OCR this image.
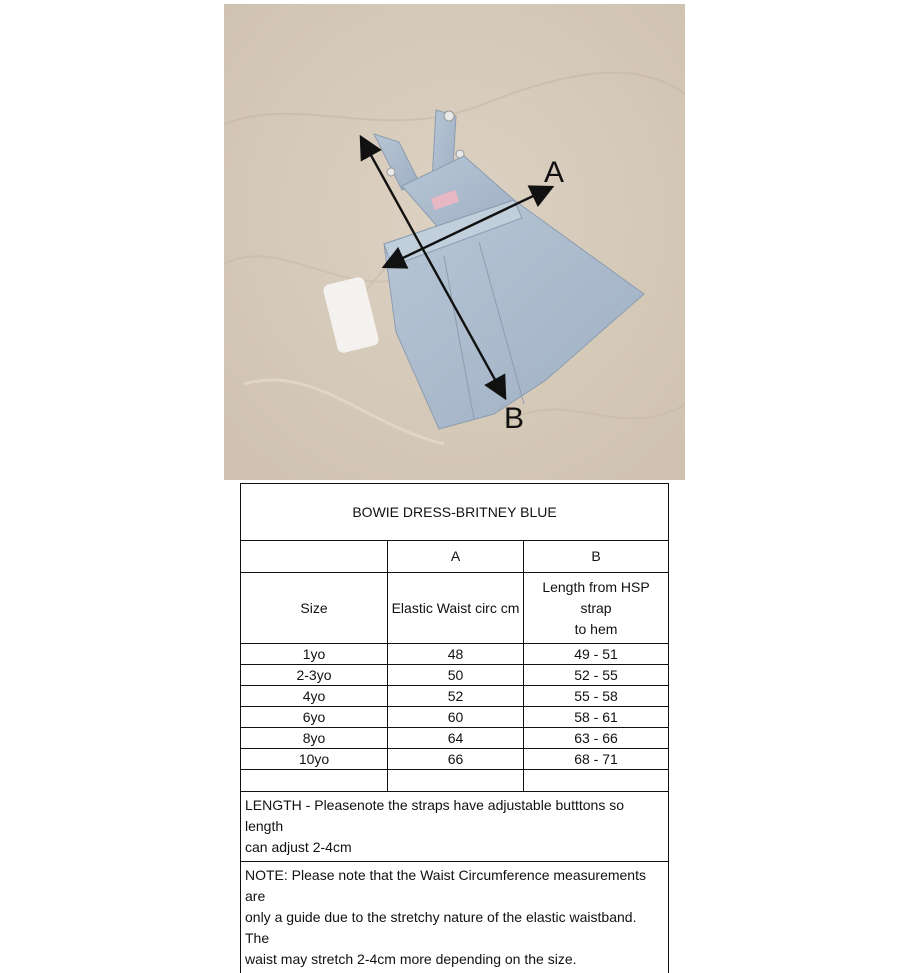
A
B
BOWIE DRESS-BRITNEY BLUE		
	A	B
Size	Elastic Waist circ cm	Length from HSP strap
to hem

1yo	48	49 - 51
2-3yo	50	52 - 55
4yo	52	55 - 58
6yo	60	58 - 61
8yo	64	63 - 66
10yo	66	68 - 71

LENGTH - Pleasenote the straps have adjustable butttons so length
can adjust 2-4cm		

NOTE: Please note that the Waist Circumference measurements are
only a guide due to the stretchy nature of the elastic waistband. The
waist may stretch 2-4cm more depending on the size.		
